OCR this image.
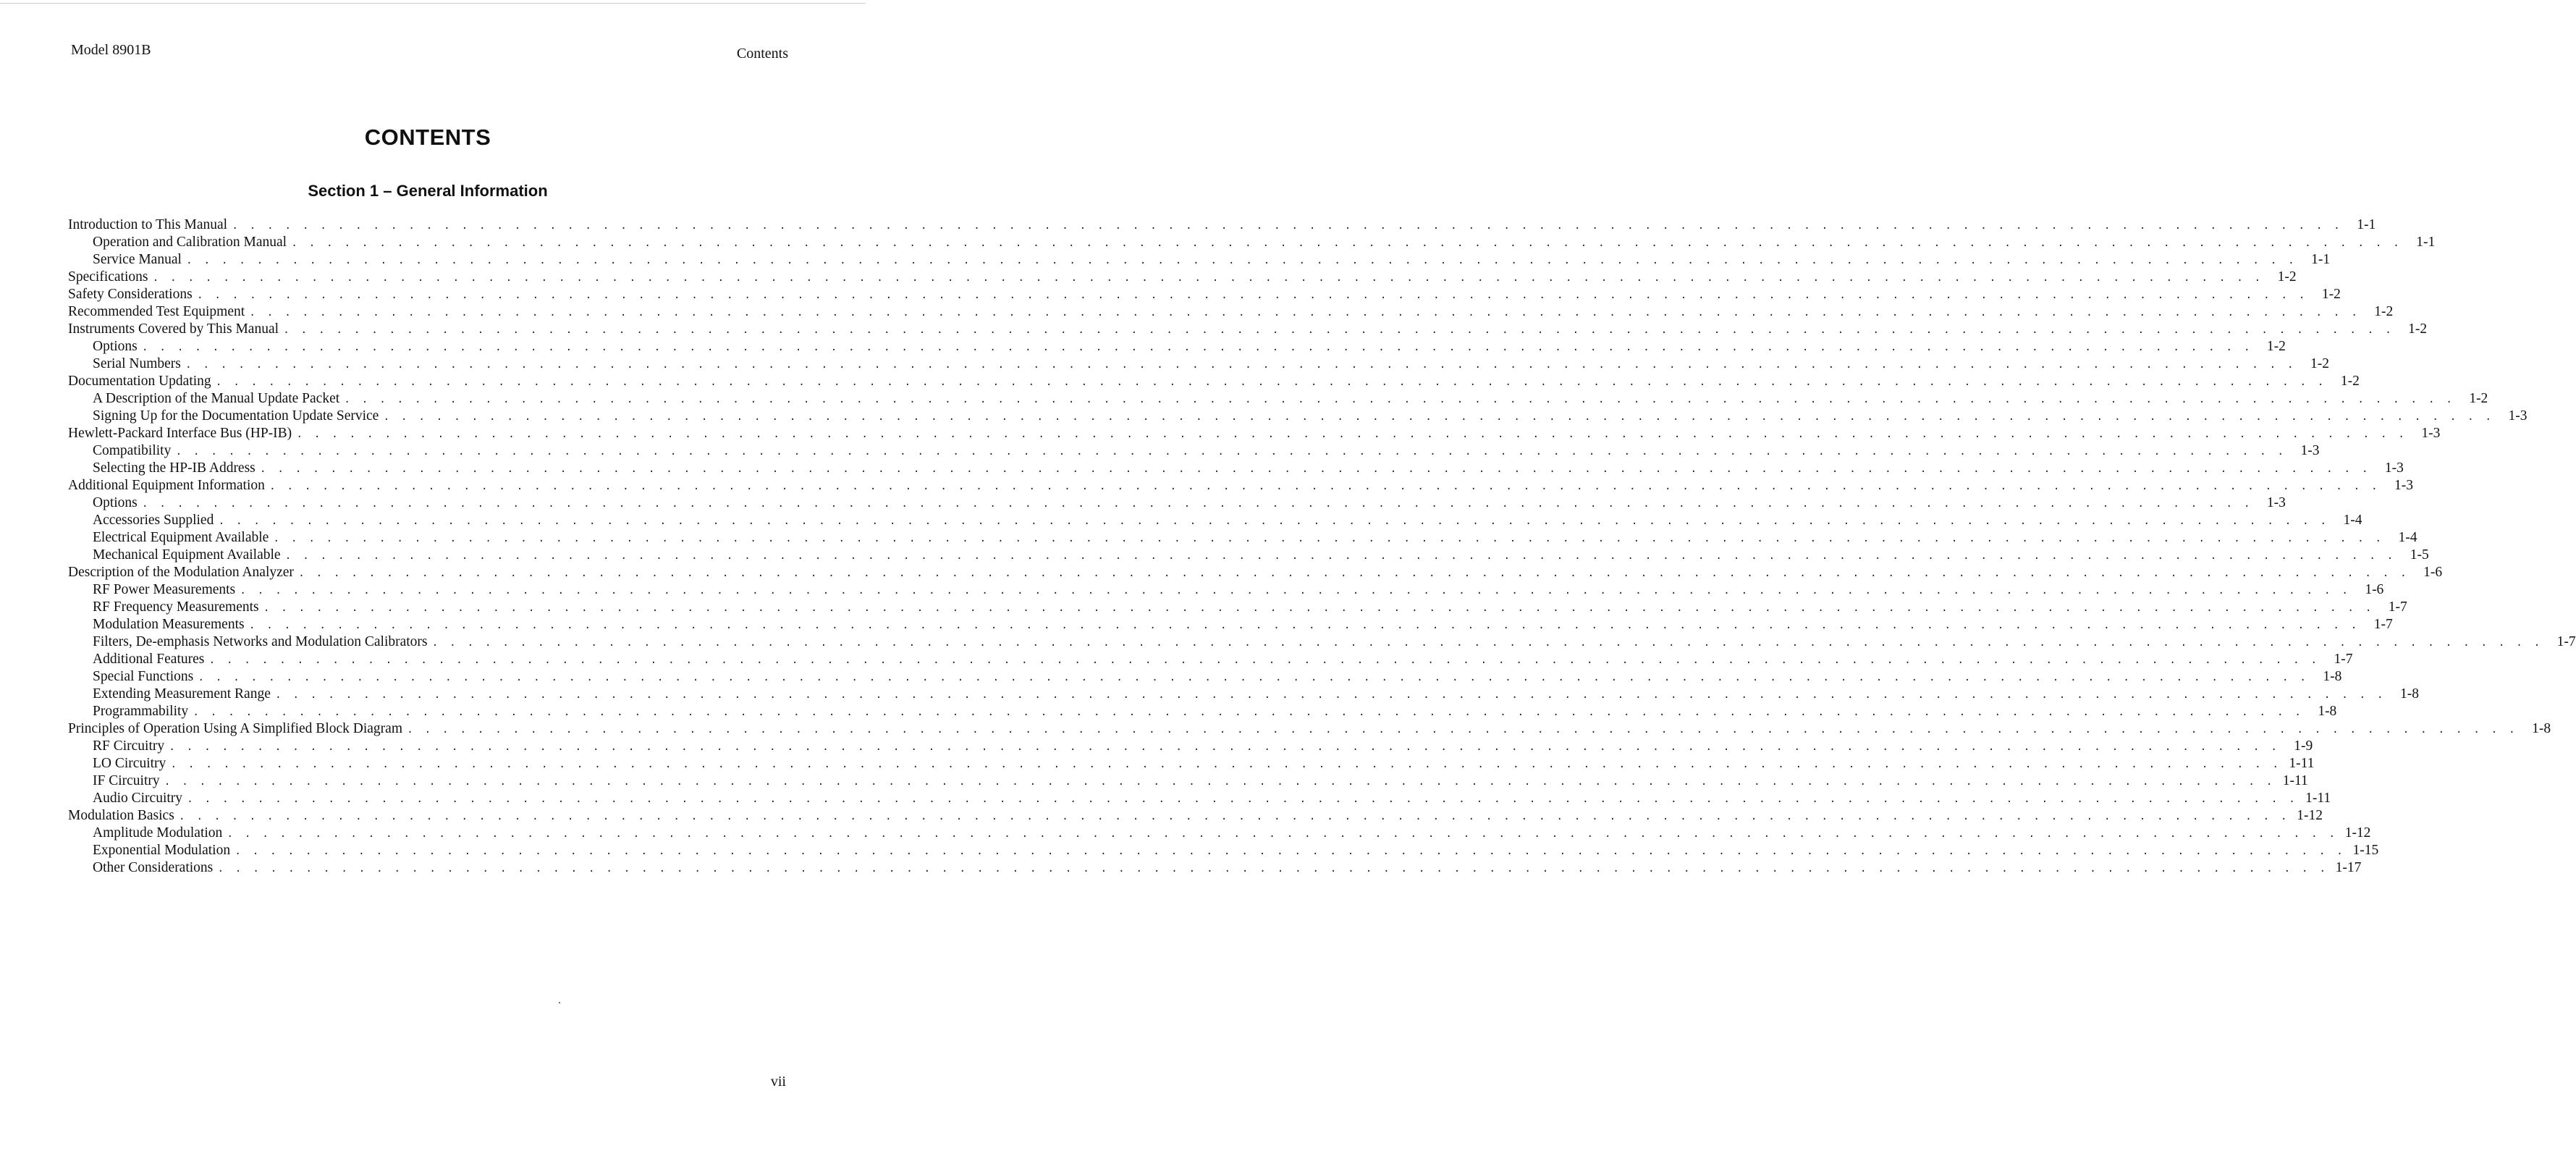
Model 8901B	Contents
CONTENTS
Section 1 – General Information
Introduction to This Manual . . . . . . . . . . . . . . . . . . . . . . . . . . . . . . . . . . . . . . . . . . . . . . . . . . . . . . . . . . . . . . . . . . . . . . . . . . . . . . . . . . . . . . . . . . . . . . . . . . . . . . . . . . . . . . . . . . . . . . . .	1-1
Operation and Calibration Manual . . . . . . . . . . . . . . . . . . . . . . . . . . . . . . . . . . . . . . . . . . . . . . . . . . . . . . . . . . . . . . . . . . . . . . . . . . . . . . . . . . . . . . . . . . . . . . . . . . . . . . . . . . . . . . . . . . . . . . . .	1-1
Service Manual . . . . . . . . . . . . . . . . . . . . . . . . . . . . . . . . . . . . . . . . . . . . . . . . . . . . . . . . . . . . . . . . . . . . . . . . . . . . . . . . . . . . . . . . . . . . . . . . . . . . . . . . . . . . . . . . . . . . . . . .	1-1
Specifications . . . . . . . . . . . . . . . . . . . . . . . . . . . . . . . . . . . . . . . . . . . . . . . . . . . . . . . . . . . . . . . . . . . . . . . . . . . . . . . . . . . . . . . . . . . . . . . . . . . . . . . . . . . . . . . . . . . . . . . .	1-2
Safety Considerations . . . . . . . . . . . . . . . . . . . . . . . . . . . . . . . . . . . . . . . . . . . . . . . . . . . . . . . . . . . . . . . . . . . . . . . . . . . . . . . . . . . . . . . . . . . . . . . . . . . . . . . . . . . . . . . . . . . . . . . .	1-2
Recommended Test Equipment . . . . . . . . . . . . . . . . . . . . . . . . . . . . . . . . . . . . . . . . . . . . . . . . . . . . . . . . . . . . . . . . . . . . . . . . . . . . . . . . . . . . . . . . . . . . . . . . . . . . . . . . . . . . . . . . . . . . . . . .	1-2
Instruments Covered by This Manual . . . . . . . . . . . . . . . . . . . . . . . . . . . . . . . . . . . . . . . . . . . . . . . . . . . . . . . . . . . . . . . . . . . . . . . . . . . . . . . . . . . . . . . . . . . . . . . . . . . . . . . . . . . . . . . . . . . . . . . .	1-2
Options . . . . . . . . . . . . . . . . . . . . . . . . . . . . . . . . . . . . . . . . . . . . . . . . . . . . . . . . . . . . . . . . . . . . . . . . . . . . . . . . . . . . . . . . . . . . . . . . . . . . . . . . . . . . . . . . . . . . . . . .	1-2
Serial Numbers . . . . . . . . . . . . . . . . . . . . . . . . . . . . . . . . . . . . . . . . . . . . . . . . . . . . . . . . . . . . . . . . . . . . . . . . . . . . . . . . . . . . . . . . . . . . . . . . . . . . . . . . . . . . . . . . . . . . . . . .	1-2
Documentation Updating . . . . . . . . . . . . . . . . . . . . . . . . . . . . . . . . . . . . . . . . . . . . . . . . . . . . . . . . . . . . . . . . . . . . . . . . . . . . . . . . . . . . . . . . . . . . . . . . . . . . . . . . . . . . . . . . . . . . . . . .	1-2
A Description of the Manual Update Packet . . . . . . . . . . . . . . . . . . . . . . . . . . . . . . . . . . . . . . . . . . . . . . . . . . . . . . . . . . . . . . . . . . . . . . . . . . . . . . . . . . . . . . . . . . . . . . . . . . . . . . . . . . . . . . . . . . . . . . . .	1-2
Signing Up for the Documentation Update Service . . . . . . . . . . . . . . . . . . . . . . . . . . . . . . . . . . . . . . . . . . . . . . . . . . . . . . . . . . . . . . . . . . . . . . . . . . . . . . . . . . . . . . . . . . . . . . . . . . . . . . . . . . . . . . . . . . . . . . . .	1-3
Hewlett-Packard Interface Bus (HP-IB) . . . . . . . . . . . . . . . . . . . . . . . . . . . . . . . . . . . . . . . . . . . . . . . . . . . . . . . . . . . . . . . . . . . . . . . . . . . . . . . . . . . . . . . . . . . . . . . . . . . . . . . . . . . . . . . . . . . . . . . .	1-3
Compatibility . . . . . . . . . . . . . . . . . . . . . . . . . . . . . . . . . . . . . . . . . . . . . . . . . . . . . . . . . . . . . . . . . . . . . . . . . . . . . . . . . . . . . . . . . . . . . . . . . . . . . . . . . . . . . . . . . . . . . . . .	1-3
Selecting the HP-IB Address . . . . . . . . . . . . . . . . . . . . . . . . . . . . . . . . . . . . . . . . . . . . . . . . . . . . . . . . . . . . . . . . . . . . . . . . . . . . . . . . . . . . . . . . . . . . . . . . . . . . . . . . . . . . . . . . . . . . . . . .	1-3
Additional Equipment Information . . . . . . . . . . . . . . . . . . . . . . . . . . . . . . . . . . . . . . . . . . . . . . . . . . . . . . . . . . . . . . . . . . . . . . . . . . . . . . . . . . . . . . . . . . . . . . . . . . . . . . . . . . . . . . . . . . . . . . . .	1-3
Options . . . . . . . . . . . . . . . . . . . . . . . . . . . . . . . . . . . . . . . . . . . . . . . . . . . . . . . . . . . . . . . . . . . . . . . . . . . . . . . . . . . . . . . . . . . . . . . . . . . . . . . . . . . . . . . . . . . . . . . .	1-3
Accessories Supplied . . . . . . . . . . . . . . . . . . . . . . . . . . . . . . . . . . . . . . . . . . . . . . . . . . . . . . . . . . . . . . . . . . . . . . . . . . . . . . . . . . . . . . . . . . . . . . . . . . . . . . . . . . . . . . . . . . . . . . . .	1-4
Electrical Equipment Available . . . . . . . . . . . . . . . . . . . . . . . . . . . . . . . . . . . . . . . . . . . . . . . . . . . . . . . . . . . . . . . . . . . . . . . . . . . . . . . . . . . . . . . . . . . . . . . . . . . . . . . . . . . . . . . . . . . . . . . .	1-4
Mechanical Equipment Available . . . . . . . . . . . . . . . . . . . . . . . . . . . . . . . . . . . . . . . . . . . . . . . . . . . . . . . . . . . . . . . . . . . . . . . . . . . . . . . . . . . . . . . . . . . . . . . . . . . . . . . . . . . . . . . . . . . . . . . .	1-5
Description of the Modulation Analyzer . . . . . . . . . . . . . . . . . . . . . . . . . . . . . . . . . . . . . . . . . . . . . . . . . . . . . . . . . . . . . . . . . . . . . . . . . . . . . . . . . . . . . . . . . . . . . . . . . . . . . . . . . . . . . . . . . . . . . . . .	1-6
RF Power Measurements . . . . . . . . . . . . . . . . . . . . . . . . . . . . . . . . . . . . . . . . . . . . . . . . . . . . . . . . . . . . . . . . . . . . . . . . . . . . . . . . . . . . . . . . . . . . . . . . . . . . . . . . . . . . . . . . . . . . . . . .	1-6
RF Frequency Measurements . . . . . . . . . . . . . . . . . . . . . . . . . . . . . . . . . . . . . . . . . . . . . . . . . . . . . . . . . . . . . . . . . . . . . . . . . . . . . . . . . . . . . . . . . . . . . . . . . . . . . . . . . . . . . . . . . . . . . . . .	1-7
Modulation Measurements . . . . . . . . . . . . . . . . . . . . . . . . . . . . . . . . . . . . . . . . . . . . . . . . . . . . . . . . . . . . . . . . . . . . . . . . . . . . . . . . . . . . . . . . . . . . . . . . . . . . . . . . . . . . . . . . . . . . . . . .	1-7
Filters, De-emphasis Networks and Modulation Calibrators . . . . . . . . . . . . . . . . . . . . . . . . . . . . . . . . . . . . . . . . . . . . . . . . . . . . . . . . . . . . . . . . . . . . . . . . . . . . . . . . . . . . . . . . . . . . . . . . . . . . . . . . . . . . . . . . . . . . . . . .	1-7
Additional Features . . . . . . . . . . . . . . . . . . . . . . . . . . . . . . . . . . . . . . . . . . . . . . . . . . . . . . . . . . . . . . . . . . . . . . . . . . . . . . . . . . . . . . . . . . . . . . . . . . . . . . . . . . . . . . . . . . . . . . . .	1-7
Special Functions . . . . . . . . . . . . . . . . . . . . . . . . . . . . . . . . . . . . . . . . . . . . . . . . . . . . . . . . . . . . . . . . . . . . . . . . . . . . . . . . . . . . . . . . . . . . . . . . . . . . . . . . . . . . . . . . . . . . . . . .	1-8
Extending Measurement Range . . . . . . . . . . . . . . . . . . . . . . . . . . . . . . . . . . . . . . . . . . . . . . . . . . . . . . . . . . . . . . . . . . . . . . . . . . . . . . . . . . . . . . . . . . . . . . . . . . . . . . . . . . . . . . . . . . . . . . . .	1-8
Programmability . . . . . . . . . . . . . . . . . . . . . . . . . . . . . . . . . . . . . . . . . . . . . . . . . . . . . . . . . . . . . . . . . . . . . . . . . . . . . . . . . . . . . . . . . . . . . . . . . . . . . . . . . . . . . . . . . . . . . . . .	1-8
Principles of Operation Using A Simplified Block Diagram . . . . . . . . . . . . . . . . . . . . . . . . . . . . . . . . . . . . . . . . . . . . . . . . . . . . . . . . . . . . . . . . . . . . . . . . . . . . . . . . . . . . . . . . . . . . . . . . . . . . . . . . . . . . . . . . . . . . . . . .	1-8
RF Circuitry . . . . . . . . . . . . . . . . . . . . . . . . . . . . . . . . . . . . . . . . . . . . . . . . . . . . . . . . . . . . . . . . . . . . . . . . . . . . . . . . . . . . . . . . . . . . . . . . . . . . . . . . . . . . . . . . . . . . . . . .	1-9
LO Circuitry . . . . . . . . . . . . . . . . . . . . . . . . . . . . . . . . . . . . . . . . . . . . . . . . . . . . . . . . . . . . . . . . . . . . . . . . . . . . . . . . . . . . . . . . . . . . . . . . . . . . . . . . . . . . . . . . . . . . . . . . 1-11
IF Circuitry . . . . . . . . . . . . . . . . . . . . . . . . . . . . . . . . . . . . . . . . . . . . . . . . . . . . . . . . . . . . . . . . . . . . . . . . . . . . . . . . . . . . . . . . . . . . . . . . . . . . . . . . . . . . . . . . . . . . . . . . 1-11
Audio Circuitry . . . . . . . . . . . . . . . . . . . . . . . . . . . . . . . . . . . . . . . . . . . . . . . . . . . . . . . . . . . . . . . . . . . . . . . . . . . . . . . . . . . . . . . . . . . . . . . . . . . . . . . . . . . . . . . . . . . . . . . . 1-11
Modulation Basics . . . . . . . . . . . . . . . . . . . . . . . . . . . . . . . . . . . . . . . . . . . . . . . . . . . . . . . . . . . . . . . . . . . . . . . . . . . . . . . . . . . . . . . . . . . . . . . . . . . . . . . . . . . . . . . . . . . . . . . . 1-12
Amplitude Modulation . . . . . . . . . . . . . . . . . . . . . . . . . . . . . . . . . . . . . . . . . . . . . . . . . . . . . . . . . . . . . . . . . . . . . . . . . . . . . . . . . . . . . . . . . . . . . . . . . . . . . . . . . . . . . . . . . . . . . . . . 1-12
Exponential Modulation . . . . . . . . . . . . . . . . . . . . . . . . . . . . . . . . . . . . . . . . . . . . . . . . . . . . . . . . . . . . . . . . . . . . . . . . . . . . . . . . . . . . . . . . . . . . . . . . . . . . . . . . . . . . . . . . . . . . . . . . 1-15
Other Considerations . . . . . . . . . . . . . . . . . . . . . . . . . . . . . . . . . . . . . . . . . . . . . . . . . . . . . . . . . . . . . . . . . . . . . . . . . . . . . . . . . . . . . . . . . . . . . . . . . . . . . . . . . . . . . . . . . . . . . . . . 1-17
vii
